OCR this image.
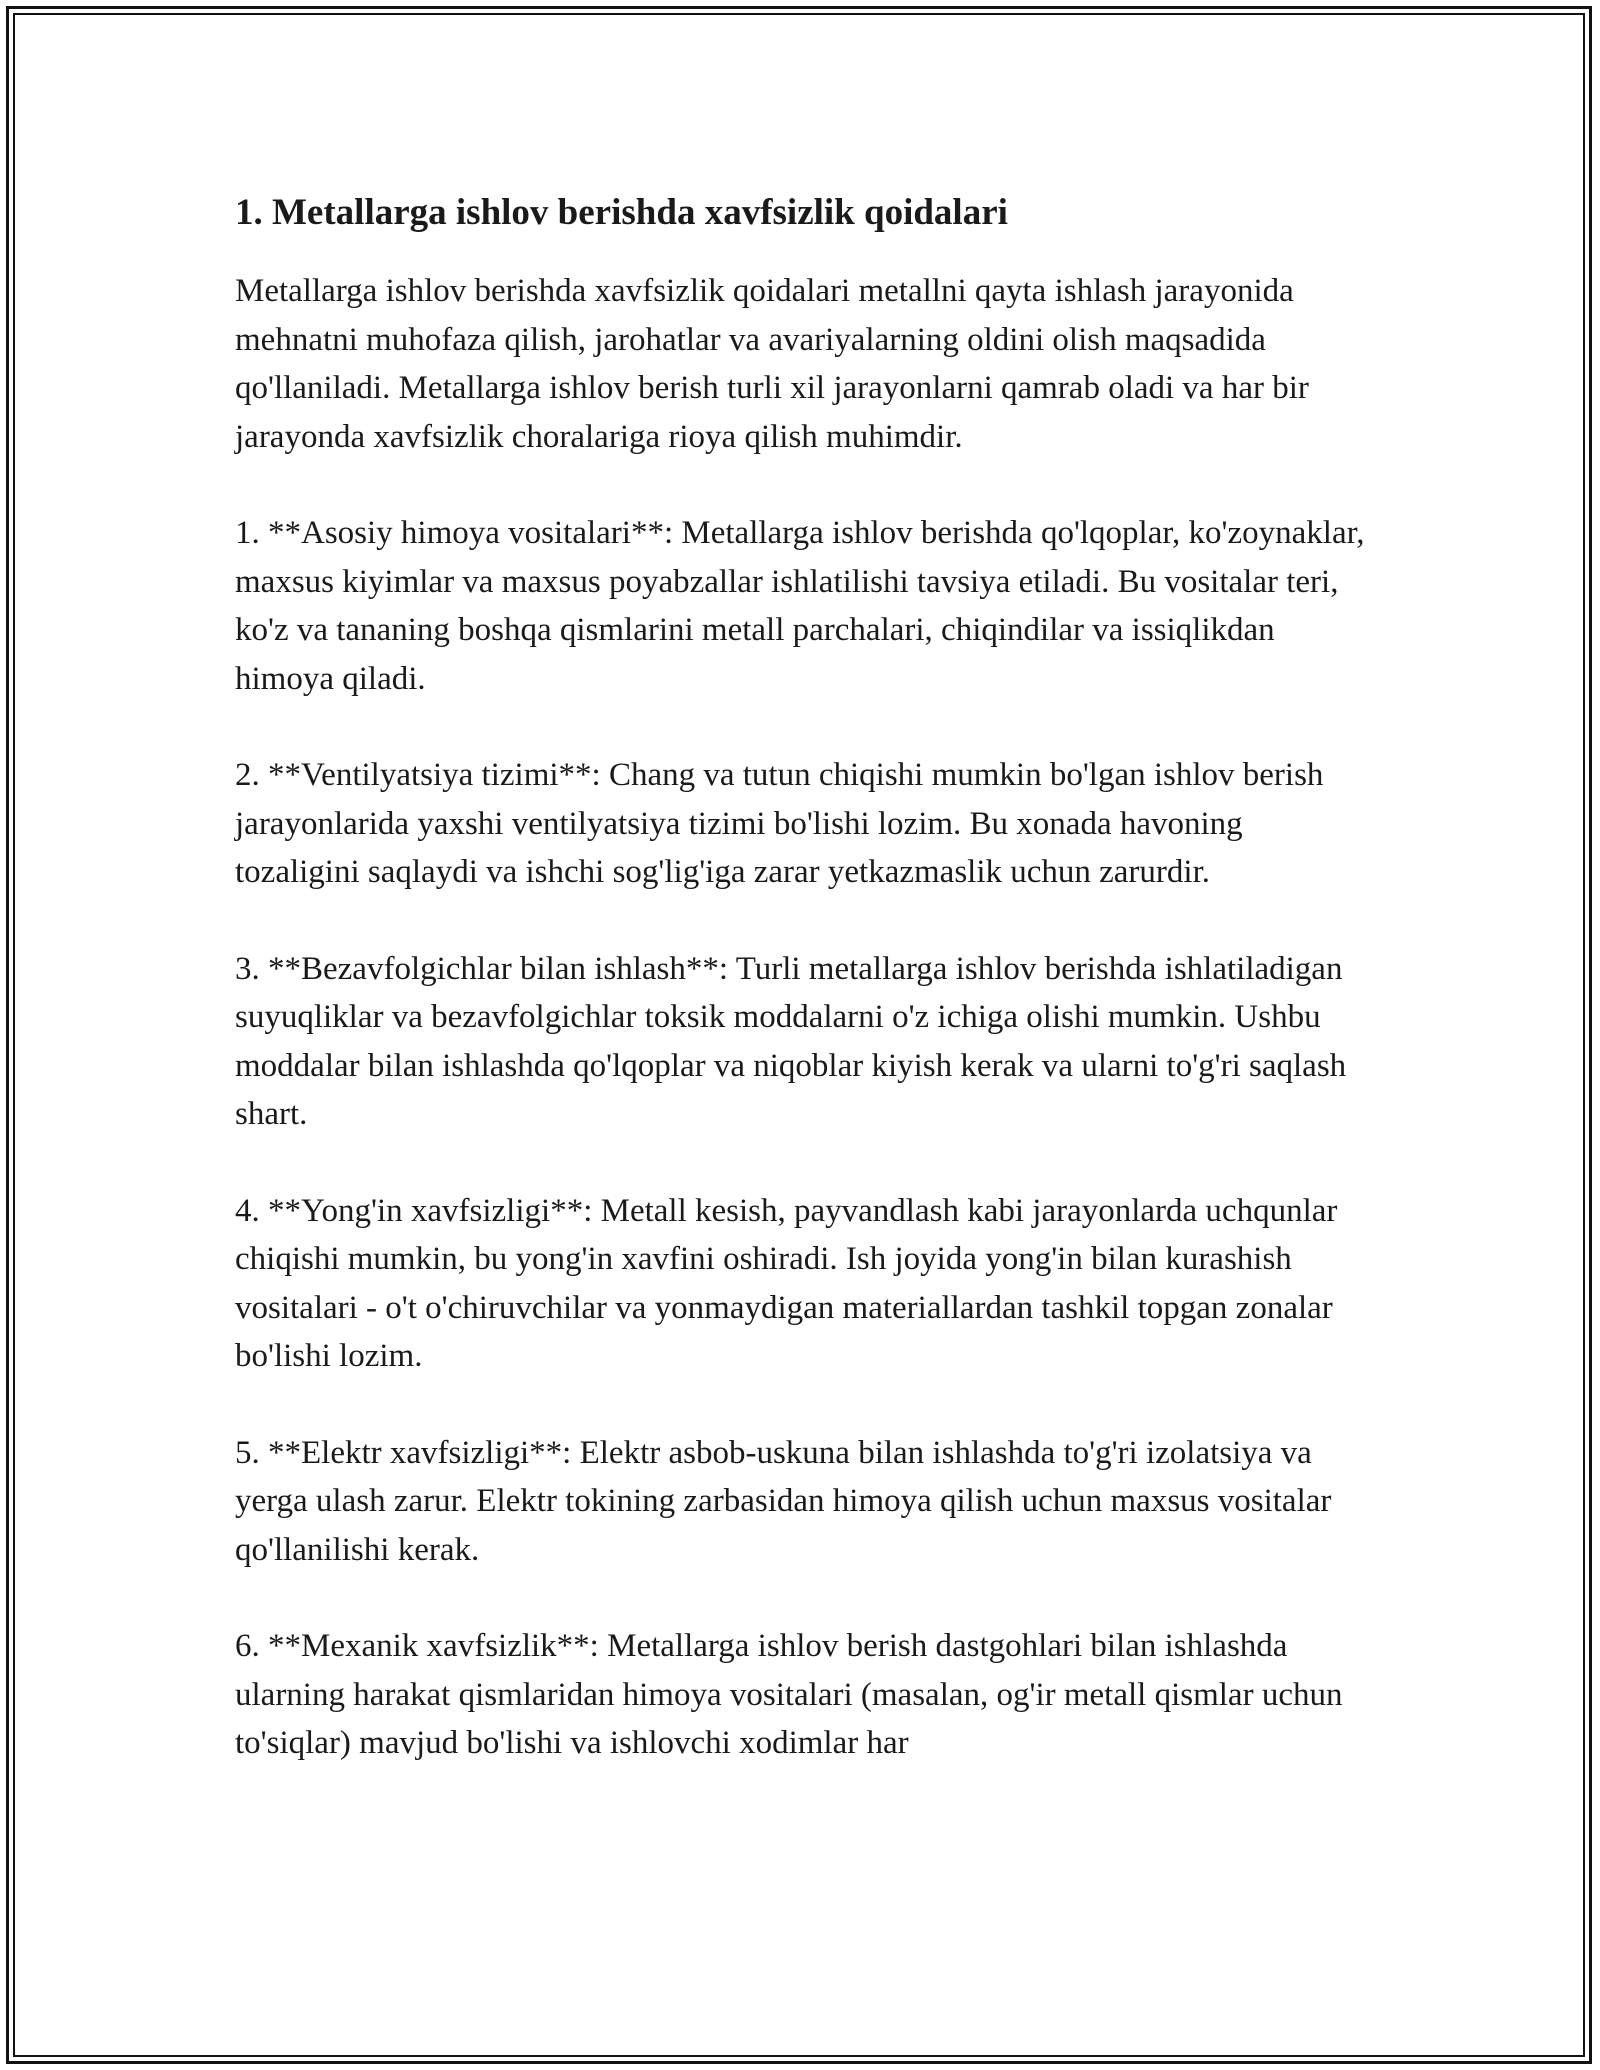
1. Metallarga ishlov berishda xavfsizlik qoidalari

Metallarga ishlov berishda xavfsizlik qoidalari metallni qayta ishlash jarayonida mehnatni muhofaza qilish, jarohatlar va avariyalarning oldini olish maqsadida qo'llaniladi. Metallarga ishlov berish turli xil jarayonlarni qamrab oladi va har bir jarayonda xavfsizlik choralariga rioya qilish muhimdir.

1. **Asosiy himoya vositalari**: Metallarga ishlov berishda qo'lqoplar, ko'zoynaklar, maxsus kiyimlar va maxsus poyabzallar ishlatilishi tavsiya etiladi. Bu vositalar teri, ko'z va tananing boshqa qismlarini metall parchalari, chiqindilar va issiqlikdan himoya qiladi.

2. **Ventilyatsiya tizimi**: Chang va tutun chiqishi mumkin bo'lgan ishlov berish jarayonlarida yaxshi ventilyatsiya tizimi bo'lishi lozim. Bu xonada havoning tozaligini saqlaydi va ishchi sog'lig'iga zarar yetkazmaslik uchun zarurdir.

3. **Bezavfolgichlar bilan ishlash**: Turli metallarga ishlov berishda ishlatiladigan suyuqliklar va bezavfolgichlar toksik moddalarni o'z ichiga olishi mumkin. Ushbu moddalar bilan ishlashda qo'lqoplar va niqoblar kiyish kerak va ularni to'g'ri saqlash shart.

4. **Yong'in xavfsizligi**: Metall kesish, payvandlash kabi jarayonlarda uchqunlar chiqishi mumkin, bu yong'in xavfini oshiradi. Ish joyida yong'in bilan kurashish vositalari - o't o'chiruvchilar va yonmaydigan materiallardan tashkil topgan zonalar bo'lishi lozim.

5. **Elektr xavfsizligi**: Elektr asbob-uskuna bilan ishlashda to'g'ri izolatsiya va yerga ulash zarur. Elektr tokining zarbasidan himoya qilish uchun maxsus vositalar qo'llanilishi kerak.

6. **Mexanik xavfsizlik**: Metallarga ishlov berish dastgohlari bilan ishlashda ularning harakat qismlaridan himoya vositalari (masalan, og'ir metall qismlar uchun to'siqlar) mavjud bo'lishi va ishlovchi xodimlar har
